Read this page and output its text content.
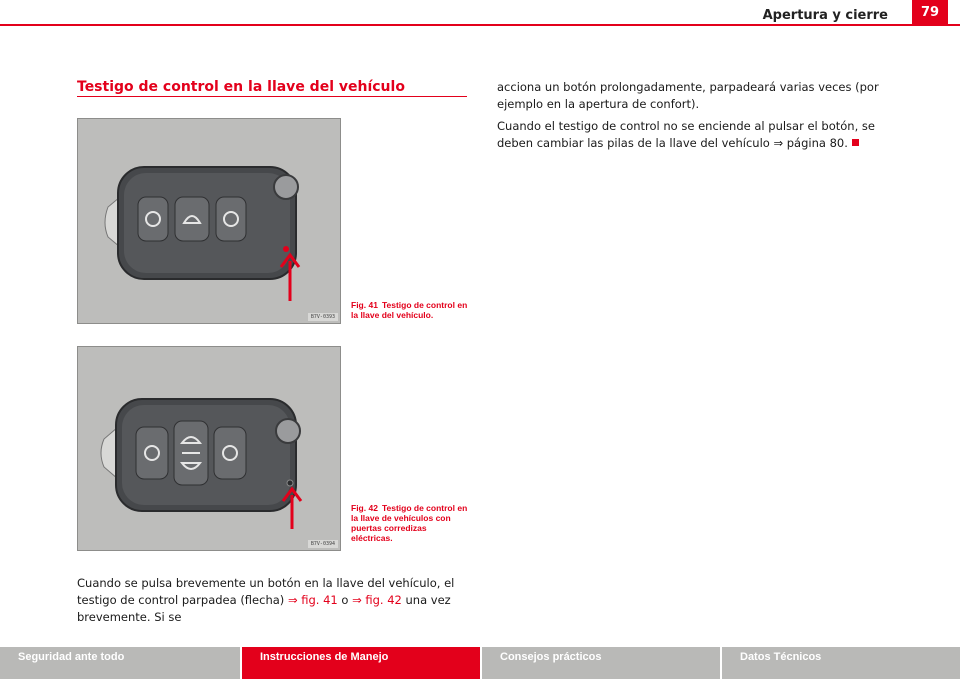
Apertura y cierre	79
Testigo de control en la llave del vehículo
B7V-0393
Fig. 41 Testigo de control en la llave del vehículo.
B7V-0394
Fig. 42 Testigo de control en la llave de vehículos con puertas corredizas eléctricas.
Cuando se pulsa brevemente un botón en la llave del vehículo, el testigo de control parpadea (flecha) ⇒ fig. 41 o ⇒ fig. 42 una vez brevemente. Si se
acciona un botón prolongadamente, parpadeará varias veces (por ejemplo en la apertura de confort).
Cuando el testigo de control no se enciende al pulsar el botón, se deben cambiar las pilas de la llave del vehículo ⇒ página 80.
Seguridad ante todo	Instrucciones de Manejo	Consejos prácticos	Datos Técnicos
